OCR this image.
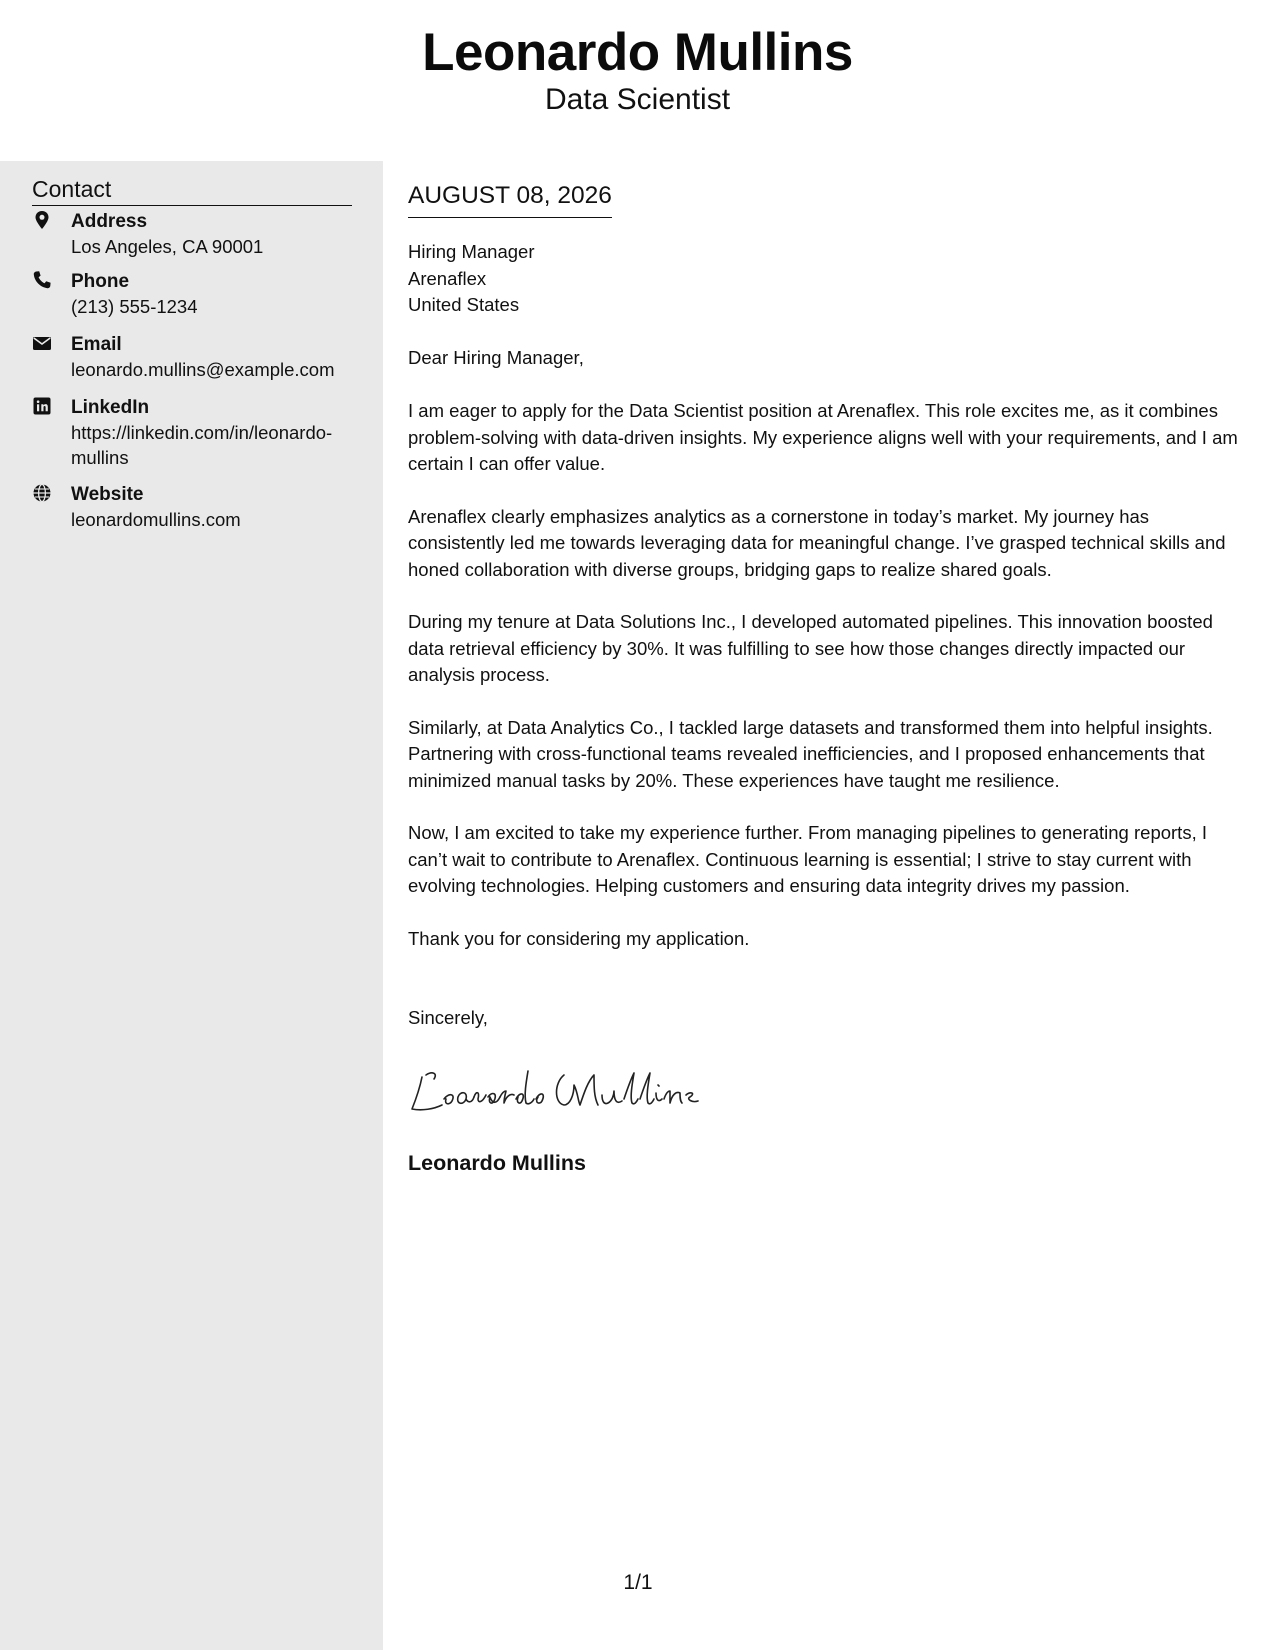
Leonardo Mullins
Data Scientist
Contact
Address
Los Angeles, CA 90001
Phone
(213) 555-1234
Email
leonardo.mullins@example.com
LinkedIn
https://linkedin.com/in/leonardo-mullins
Website
leonardomullins.com
AUGUST 08, 2026
Hiring Manager
Arenaflex
United States
Dear Hiring Manager,

I am eager to apply for the Data Scientist position at Arenaflex. This role excites me, as it combines problem-solving with data-driven insights. My experience aligns well with your requirements, and I am certain I can offer value.

Arenaflex clearly emphasizes analytics as a cornerstone in today’s market. My journey has consistently led me towards leveraging data for meaningful change. I’ve grasped technical skills and honed collaboration with diverse groups, bridging gaps to realize shared goals.

During my tenure at Data Solutions Inc., I developed automated pipelines. This innovation boosted data retrieval efficiency by 30%. It was fulfilling to see how those changes directly impacted our analysis process.

Similarly, at Data Analytics Co., I tackled large datasets and transformed them into helpful insights. Partnering with cross-functional teams revealed inefficiencies, and I proposed enhancements that minimized manual tasks by 20%. These experiences have taught me resilience.

Now, I am excited to take my experience further. From managing pipelines to generating reports, I can’t wait to contribute to Arenaflex. Continuous learning is essential; I strive to stay current with evolving technologies. Helping customers and ensuring data integrity drives my passion.

Thank you for considering my application.

Sincerely,
Leonardo Mullins
1/1
